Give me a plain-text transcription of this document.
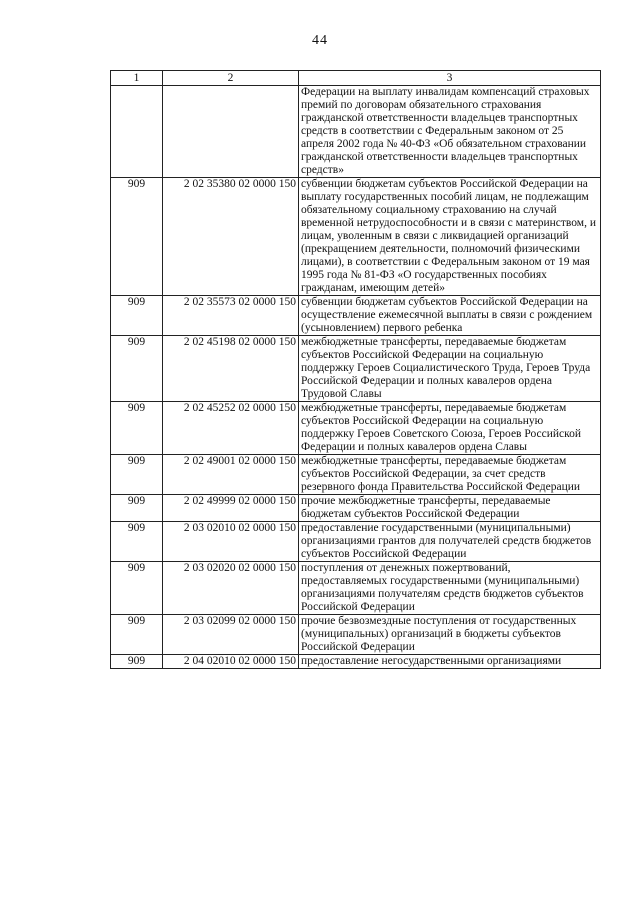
44
1	2	3
		Федерации на выплату инвалидам компенсаций страховых премий по договорам обязательного страхования гражданской ответственности владельцев транспортных средств в соответствии с Федеральным законом от 25 апреля 2002 года № 40-ФЗ «Об обязательном страховании гражданской ответственности владельцев транспортных средств»
909	2 02 35380 02 0000 150	субвенции бюджетам субъектов Российской Федерации на выплату государственных пособий лицам, не подлежащим обязательному социальному страхованию на случай временной нетрудоспособности и в связи с материнством, и лицам, уволенным в связи с ликвидацией организаций (прекращением деятельности, полномочий физическими лицами), в соответствии с Федеральным законом от 19 мая 1995 года № 81-ФЗ «О государственных пособиях гражданам, имеющим детей»
909	2 02 35573 02 0000 150	субвенции бюджетам субъектов Российской Федерации на осуществление ежемесячной выплаты в связи с рождением (усыновлением) первого ребенка
909	2 02 45198 02 0000 150	межбюджетные трансферты, передаваемые бюджетам субъектов Российской Федерации на социальную поддержку Героев Социалистического Труда, Героев Труда Российской Федерации и полных кавалеров ордена Трудовой Славы
909	2 02 45252 02 0000 150	межбюджетные трансферты, передаваемые бюджетам субъектов Российской Федерации на социальную поддержку Героев Советского Союза, Героев Российской Федерации и полных кавалеров ордена Славы
909	2 02 49001 02 0000 150	межбюджетные трансферты, передаваемые бюджетам субъектов Российской Федерации, за счет средств резервного фонда Правительства Российской Федерации
909	2 02 49999 02 0000 150	прочие межбюджетные трансферты, передаваемые бюджетам субъектов Российской Федерации
909	2 03 02010 02 0000 150	предоставление государственными (муниципальными) организациями грантов для получателей средств бюджетов субъектов Российской Федерации
909	2 03 02020 02 0000 150	поступления от денежных пожертвований, предоставляемых государственными (муниципальными) организациями получателям средств бюджетов субъектов Российской Федерации
909	2 03 02099 02 0000 150	прочие безвозмездные поступления от государственных (муниципальных) организаций в бюджеты субъектов Российской Федерации
909	2 04 02010 02 0000 150	предоставление негосударственными организациями
